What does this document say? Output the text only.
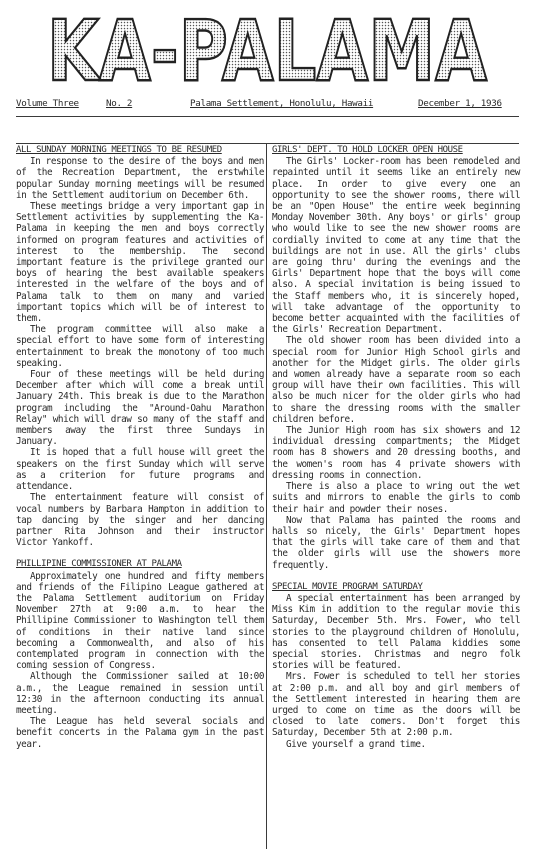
KA-PALAMA
Volume Three	No. 2	Palama Settlement, Honolulu, Hawaii	December 1, 1936

ALL SUNDAY MORNING MEETINGS TO BE RESUMED

In response to the desire of the boys and men of the Recreation Department, the erstwhile popular Sunday morning meetings will be resumed in the Settlement auditorium on December 6th.

These meetings bridge a very important gap in Settlement activities by supplementing the Ka-Palama in keeping the men and boys correctly informed on program features and activities of interest to the membership. The second important feature is the privilege granted our boys of hearing the best available speakers interested in the welfare of the boys and of Palama talk to them on many and varied important topics which will be of interest to them.

The program committee will also make a special effort to have some form of interesting entertainment to break the monotony of too much speaking.

Four of these meetings will be held during December after which will come a break until January 24th. This break is due to the Marathon program including the "Around-Oahu Marathon Relay" which will draw so many of the staff and members away the first three Sundays in January.

It is hoped that a full house will greet the speakers on the first Sunday which will serve as a criterion for future programs and attendance.

The entertainment feature will consist of vocal numbers by Barbara Hampton in addition to tap dancing by the singer and her dancing partner Rita Johnson and their instructor Victor Yankoff.

PHILLIPINE COMMISSIONER AT PALAMA

Approximately one hundred and fifty members and friends of the Filipino League gathered at the Palama Settlement auditorium on Friday November 27th at 9:00 a.m. to hear the Phillipine Commissioner to Washington tell them of conditions in their native land since becoming a Commonwealth, and also of his contemplated program in connection with the coming session of Congress.

Although the Commissioner sailed at 10:00 a.m., the League remained in session until 12:30 in the afternoon conducting its annual meeting.

The League has held several socials and benefit concerts in the Palama gym in the past year.

GIRLS' DEPT. TO HOLD LOCKER OPEN HOUSE

The Girls' Locker-room has been remodeled and repainted until it seems like an entirely new place. In order to give every one an opportunity to see the shower rooms, there will be an "Open House" the entire week beginning Monday November 30th. Any boys' or girls' group who would like to see the new shower rooms are cordially invited to come at any time that the buildings are not in use. All the girls' clubs are going thru' during the evenings and the Girls' Department hope that the boys will come also. A special invitation is being issued to the Staff members who, it is sincerely hoped, will take advantage of the opportunity to become better acquainted with the facilities of the Girls' Recreation Department.

The old shower room has been divided into a special room for Junior High School girls and another for the Midget girls. The older girls and women already have a separate room so each group will have their own facilities. This will also be much nicer for the older girls who had to share the dressing rooms with the smaller children before.

The Junior High room has six showers and 12 individual dressing compartments; the Midget room has 8 showers and 20 dressing booths, and the women's room has 4 private showers with dressing rooms in connection.

There is also a place to wring out the wet suits and mirrors to enable the girls to comb their hair and powder their noses.

Now that Palama has painted the rooms and halls so nicely, the Girls' Department hopes that the girls will take care of them and that the older girls will use the showers more frequently.

SPECIAL MOVIE PROGRAM SATURDAY

A special entertainment has been arranged by Miss Kim in addition to the regular movie this Saturday, December 5th. Mrs. Fower, who tell stories to the playground children of Honolulu, has consented to tell Palama kiddies some special stories. Christmas and negro folk stories will be featured.

Mrs. Fower is scheduled to tell her stories at 2:00 p.m. and all boy and girl members of the Settlement interested in hearing them are urged to come on time as the doors will be closed to late comers. Don't forget this Saturday, December 5th at 2:00 p.m.

Give yourself a grand time.
